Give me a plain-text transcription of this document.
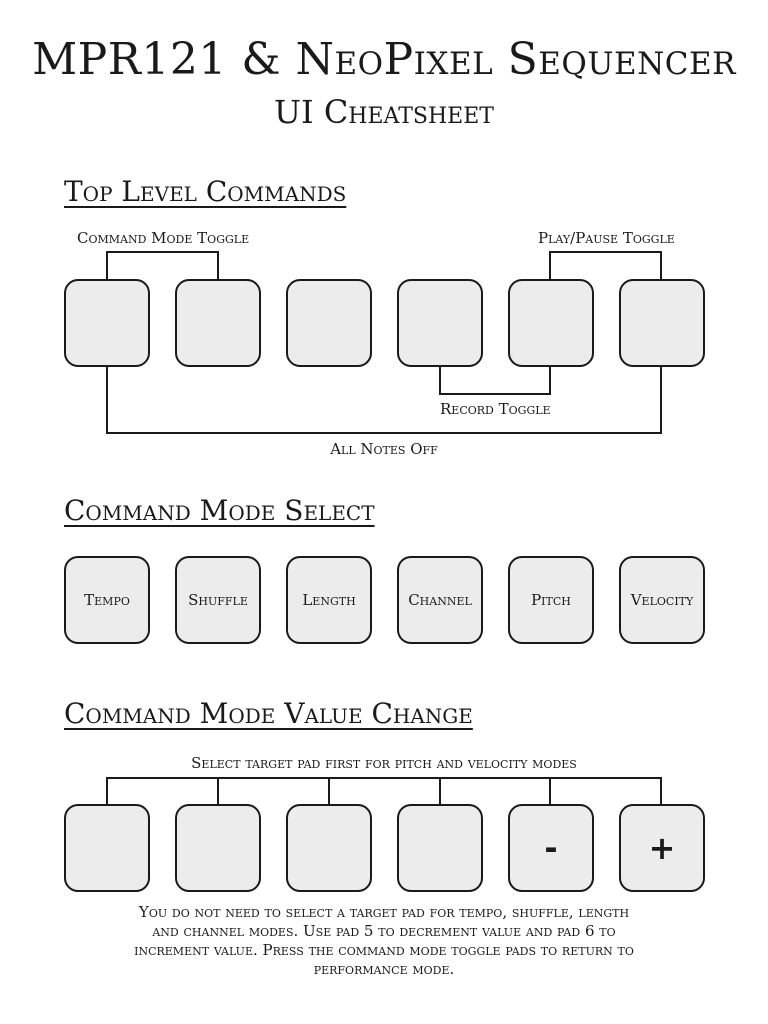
MPR121 & NeoPixel Sequencer
UI Cheatsheet
Top Level Commands
Command Mode Toggle	Play/Pause Toggle
Record Toggle
All Notes Off
Command Mode Select
Tempo	Shuffle	Length	Channel	Pitch	Velocity
Command Mode Value Change
Select target pad first for pitch and velocity modes
-	+
You do not need to select a target pad for tempo, shuffle, length and channel modes. Use pad 5 to decrement value and pad 6 to increment value. Press the command mode toggle pads to return to performance mode.
